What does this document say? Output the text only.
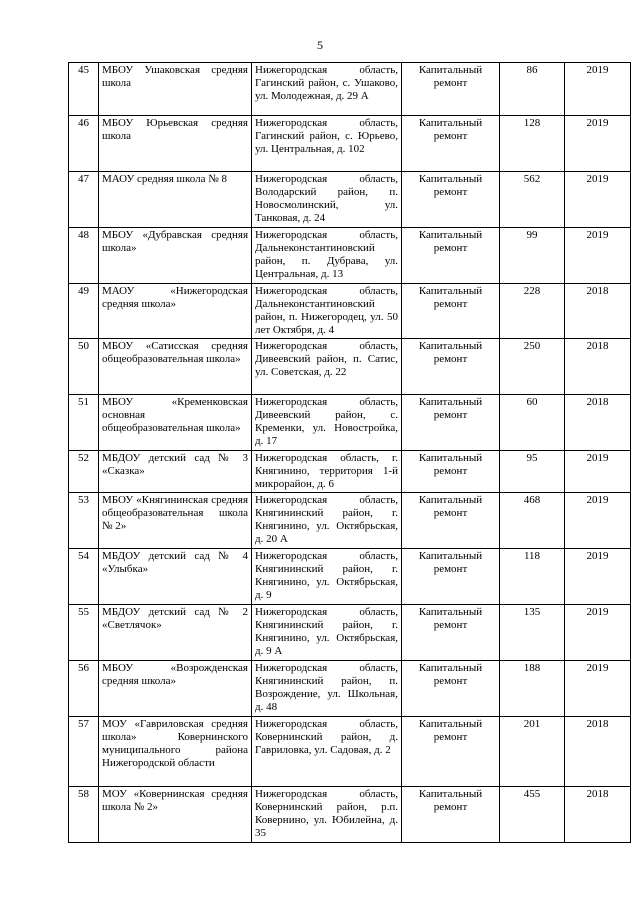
5
45	МБОУ Ушаковская средняя школа	Нижегородская область, Гагинский район, с. Ушаково, ул. Молодежная, д. 29 А	Капитальный ремонт	86	2019
46	МБОУ Юрьевская средняя школа	Нижегородская область, Гагинский район, с. Юрьево, ул. Центральная, д. 102	Капитальный ремонт	128	2019
47	МАОУ средняя школа № 8	Нижегородская область, Володарский район, п. Новосмолинский, ул. Танковая, д. 24	Капитальный ремонт	562	2019
48	МБОУ «Дубравская средняя школа»	Нижегородская область, Дальнеконстантиновский район, п. Дубрава, ул. Центральная, д. 13	Капитальный ремонт	99	2019
49	МАОУ «Нижегородская средняя школа»	Нижегородская область, Дальнеконстантиновский район, п. Нижегородец, ул. 50 лет Октября, д. 4	Капитальный ремонт	228	2018
50	МБОУ «Сатисская средняя общеобразовательная школа»	Нижегородская область, Дивеевский район, п. Сатис, ул. Советская, д. 22	Капитальный ремонт	250	2018
51	МБОУ «Кременковская основная общеобразовательная школа»	Нижегородская область, Дивеевский район, с. Кременки, ул. Новостройка, д. 17	Капитальный ремонт	60	2018
52	МБДОУ детский сад № 3 «Сказка»	Нижегородская область, г. Княгинино, территория 1-й микрорайон, д. 6	Капитальный ремонт	95	2019
53	МБОУ «Княгининская средняя общеобразовательная школа № 2»	Нижегородская область, Княгининский район, г. Княгинино, ул. Октябрьская, д. 20 А	Капитальный ремонт	468	2019
54	МБДОУ детский сад № 4 «Улыбка»	Нижегородская область, Княгининский район, г. Княгинино, ул. Октябрьская, д. 9	Капитальный ремонт	118	2019
55	МБДОУ детский сад № 2 «Светлячок»	Нижегородская область, Княгининский район, г. Княгинино, ул. Октябрьская, д. 9 А	Капитальный ремонт	135	2019
56	МБОУ «Возрожденская средняя школа»	Нижегородская область, Княгининский район, п. Возрождение, ул. Школьная, д. 48	Капитальный ремонт	188	2019
57	МОУ «Гавриловская средняя школа» Ковернинского муниципального района Нижегородской области	Нижегородская область, Ковернинский район, д. Гавриловка, ул. Садовая, д. 2	Капитальный ремонт	201	2018
58	МОУ «Ковернинская средняя школа № 2»	Нижегородская область, Ковернинский район, р.п. Ковернино, ул. Юбилейна, д. 35	Капитальный ремонт	455	2018
